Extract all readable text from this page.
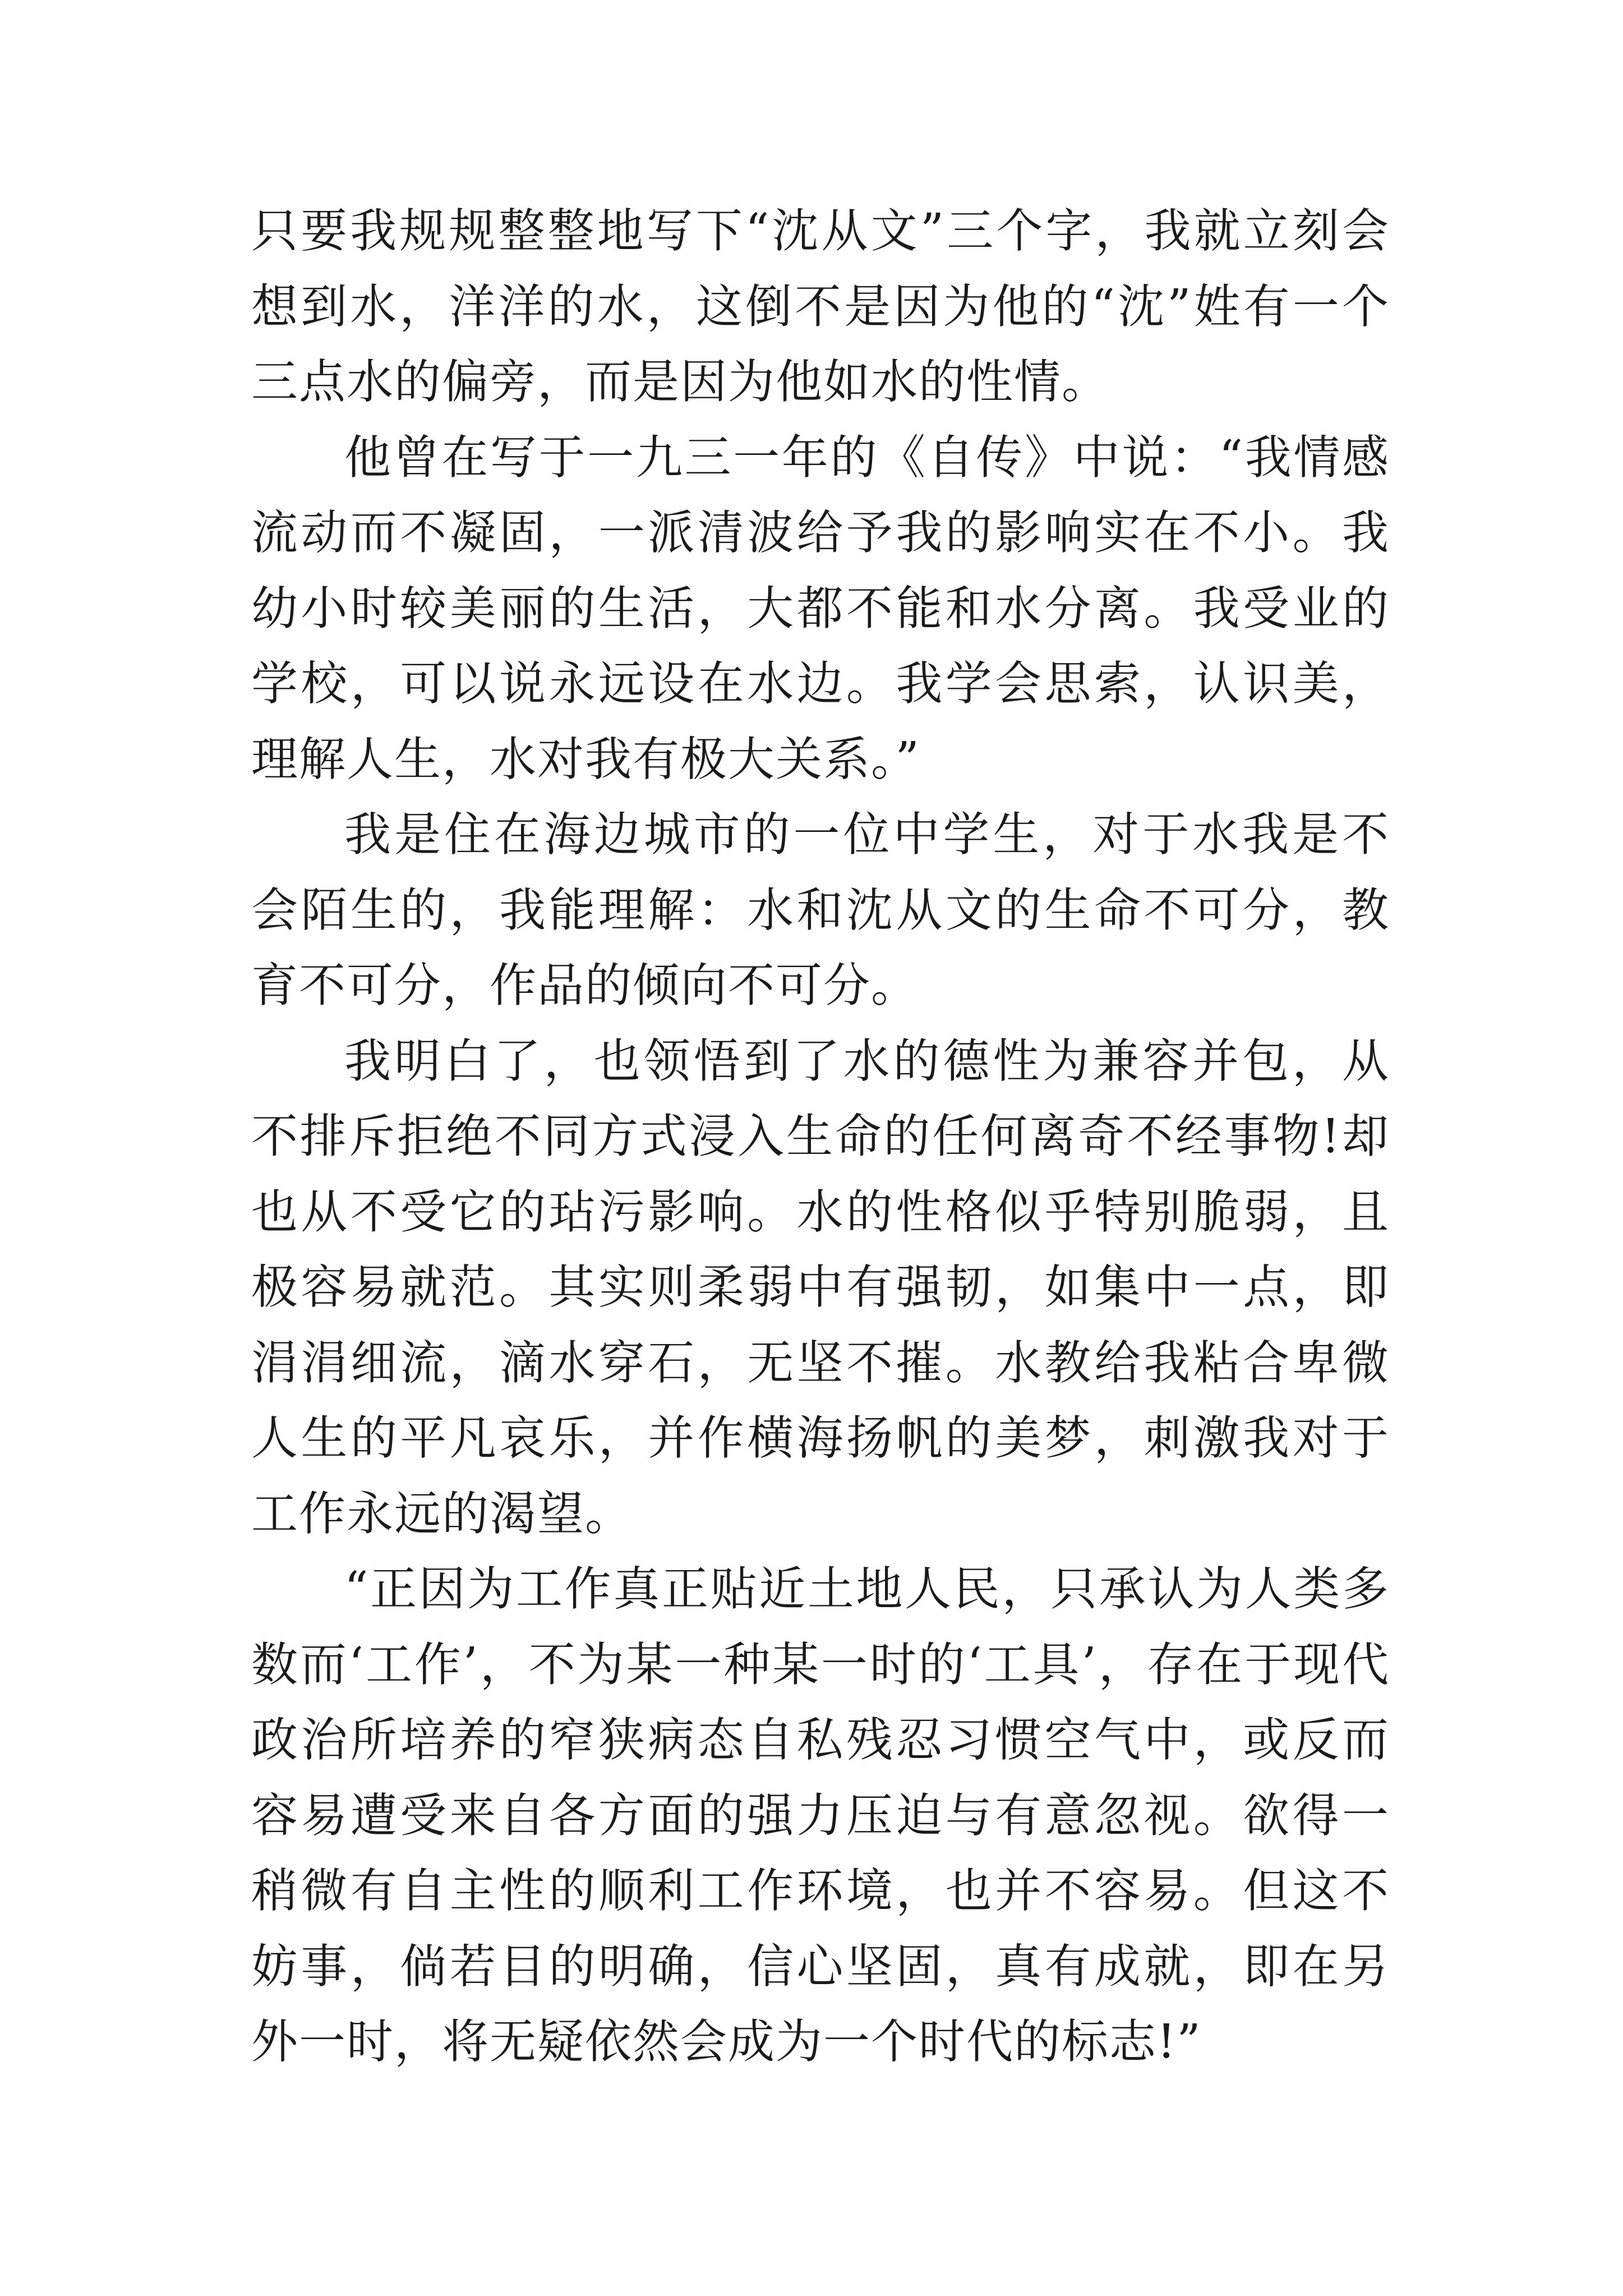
只要我规规整整地写下“沈从文”三个字，我就立刻会想到水，洋洋的水，这倒不是因为他的“沈”姓有一个三点水的偏旁，而是因为他如水的性情。

他曾在写于一九三一年的《自传》中说：“我情感流动而不凝固，一派清波给予我的影响实在不小。我幼小时较美丽的生活，大都不能和水分离。我受业的学校，可以说永远设在水边。我学会思索，认识美，理解人生，水对我有极大关系。”

我是住在海边城市的一位中学生，对于水我是不会陌生的，我能理解：水和沈从文的生命不可分，教育不可分，作品的倾向不可分。

我明白了，也领悟到了水的德性为兼容并包，从不排斥拒绝不同方式浸入生命的任何离奇不经事物!却也从不受它的玷污影响。水的性格似乎特别脆弱，且极容易就范。其实则柔弱中有强韧，如集中一点，即涓涓细流，滴水穿石，无坚不摧。水教给我粘合卑微人生的平凡哀乐，并作横海扬帆的美梦，刺激我对于工作永远的渴望。

“正因为工作真正贴近土地人民，只承认为人类多数而‘工作’，不为某一种某一时的‘工具’，存在于现代政治所培养的窄狭病态自私残忍习惯空气中，或反而容易遭受来自各方面的强力压迫与有意忽视。欲得一稍微有自主性的顺利工作环境，也并不容易。但这不妨事，倘若目的明确，信心坚固，真有成就，即在另外一时，将无疑依然会成为一个时代的标志!”
